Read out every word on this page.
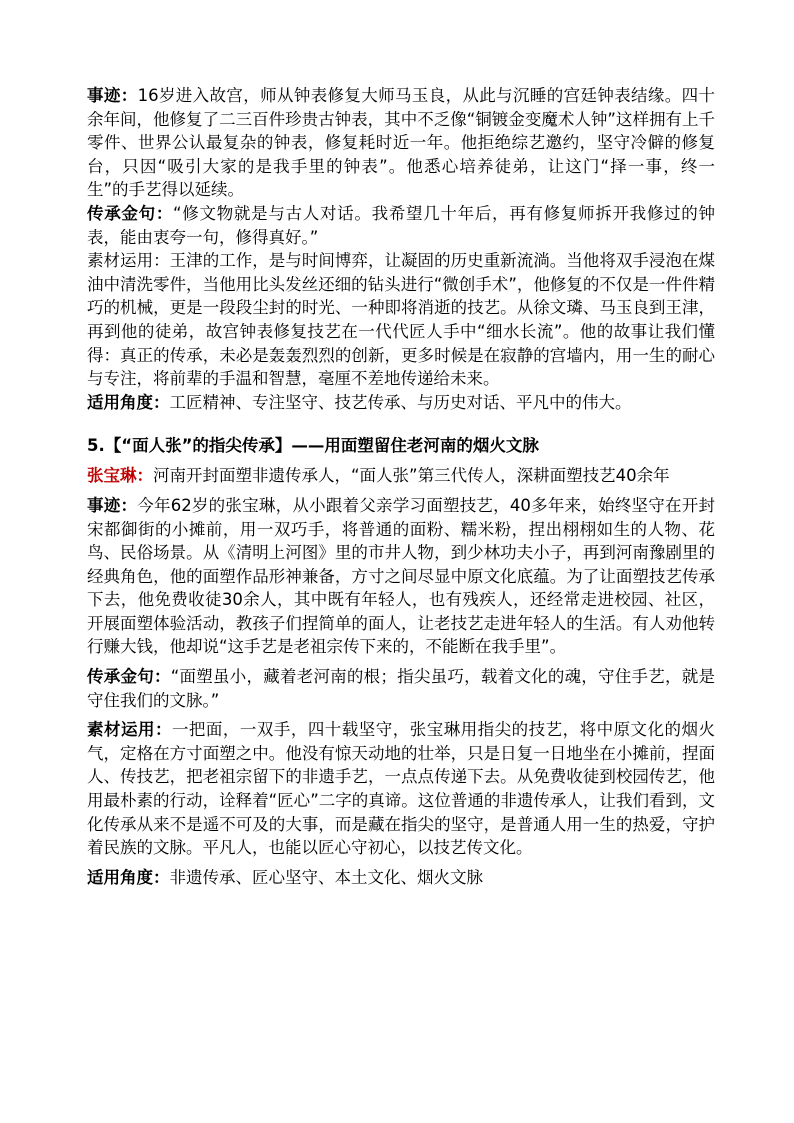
事迹：16岁进入故宫，师从钟表修复大师马玉良，从此与沉睡的宫廷钟表结缘。四十余年间，他修复了二三百件珍贵古钟表，其中不乏像“铜镀金变魔术人钟”这样拥有上千零件、世界公认最复杂的钟表，修复耗时近一年。他拒绝综艺邀约，坚守冷僻的修复台，只因“吸引大家的是我手里的钟表”。他悉心培养徒弟，让这门“择一事，终一生”的手艺得以延续。

传承金句：“修文物就是与古人对话。我希望几十年后，再有修复师拆开我修过的钟表，能由衷夸一句，修得真好。”

素材运用：王津的工作，是与时间博弈，让凝固的历史重新流淌。当他将双手浸泡在煤油中清洗零件，当他用比头发丝还细的钻头进行“微创手术”，他修复的不仅是一件件精巧的机械，更是一段段尘封的时光、一种即将消逝的技艺。从徐文璘、马玉良到王津，再到他的徒弟，故宫钟表修复技艺在一代代匠人手中“细水长流”。他的故事让我们懂得：真正的传承，未必是轰轰烈烈的创新，更多时候是在寂静的宫墙内，用一生的耐心与专注，将前辈的手温和智慧，毫厘不差地传递给未来。

适用角度：工匠精神、专注坚守、技艺传承、与历史对话、平凡中的伟大。

5.【“面人张”的指尖传承】——用面塑留住老河南的烟火文脉

张宝琳：河南开封面塑非遗传承人，“面人张”第三代传人，深耕面塑技艺40余年

事迹：今年62岁的张宝琳，从小跟着父亲学习面塑技艺，40多年来，始终坚守在开封宋都御街的小摊前，用一双巧手，将普通的面粉、糯米粉，捏出栩栩如生的人物、花鸟、民俗场景。从《清明上河图》里的市井人物，到少林功夫小子，再到河南豫剧里的经典角色，他的面塑作品形神兼备，方寸之间尽显中原文化底蕴。为了让面塑技艺传承下去，他免费收徒30余人，其中既有年轻人，也有残疾人，还经常走进校园、社区，开展面塑体验活动，教孩子们捏简单的面人，让老技艺走进年轻人的生活。有人劝他转行赚大钱，他却说“这手艺是老祖宗传下来的，不能断在我手里”。

传承金句：“面塑虽小，藏着老河南的根；指尖虽巧，载着文化的魂，守住手艺，就是守住我们的文脉。”

素材运用：一把面，一双手，四十载坚守，张宝琳用指尖的技艺，将中原文化的烟火气，定格在方寸面塑之中。他没有惊天动地的壮举，只是日复一日地坐在小摊前，捏面人、传技艺，把老祖宗留下的非遗手艺，一点点传递下去。从免费收徒到校园传艺，他用最朴素的行动，诠释着“匠心”二字的真谛。这位普通的非遗传承人，让我们看到，文化传承从来不是遥不可及的大事，而是藏在指尖的坚守，是普通人用一生的热爱，守护着民族的文脉。平凡人，也能以匠心守初心，以技艺传文化。

适用角度：非遗传承、匠心坚守、本土文化、烟火文脉
